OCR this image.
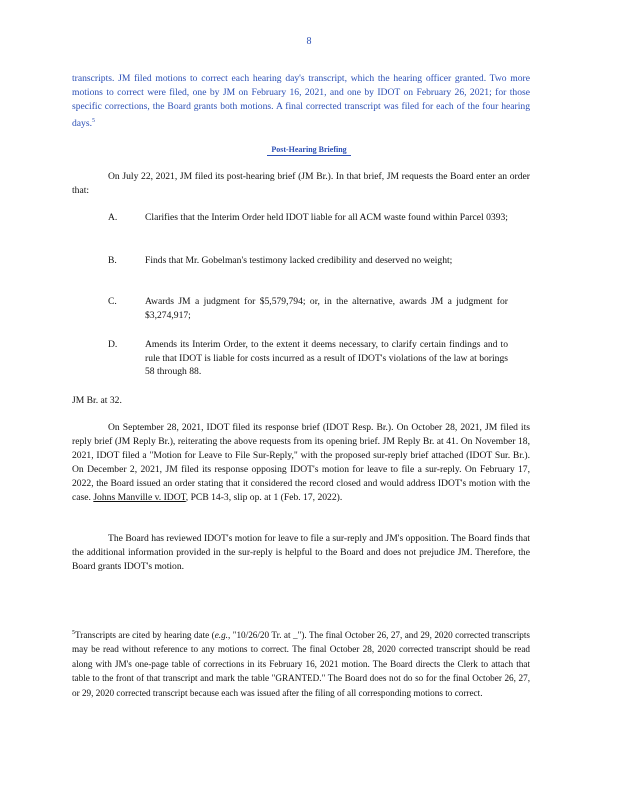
8

transcripts. JM filed motions to correct each hearing day's transcript, which the hearing officer granted. Two more motions to correct were filed, one by JM on February 16, 2021, and one by IDOT on February 26, 2021; for those specific corrections, the Board grants both motions. A final corrected transcript was filed for each of the four hearing days.$^5$

Post-Hearing Briefing

On July 22, 2021, JM filed its post-hearing brief (JM Br.). In that brief, JM requests the Board enter an order that:

A.	Clarifies that the Interim Order held IDOT liable for all ACM waste found within Parcel 0393;
B.	Finds that Mr. Gobelman's testimony lacked credibility and deserved no weight;
C.	Awards JM a judgment for $5,579,794; or, in the alternative, awards JM a judgment for $3,274,917;
D.	Amends its Interim Order, to the extent it deems necessary, to clarify certain findings and to rule that IDOT is liable for costs incurred as a result of IDOT's violations of the law at borings 58 through 88.

JM Br. at 32.

On September 28, 2021, IDOT filed its response brief (IDOT Resp. Br.). On October 28, 2021, JM filed its reply brief (JM Reply Br.), reiterating the above requests from its opening brief. JM Reply Br. at 41. On November 18, 2021, IDOT filed a "Motion for Leave to File Sur-Reply," with the proposed sur-reply brief attached (IDOT Sur. Br.). On December 2, 2021, JM filed its response opposing IDOT's motion for leave to file a sur-reply. On February 17, 2022, the Board issued an order stating that it considered the record closed and would address IDOT's motion with the case. Johns Manville v. IDOT, PCB 14-3, slip op. at 1 (Feb. 17, 2022).

The Board has reviewed IDOT's motion for leave to file a sur-reply and JM's opposition. The Board finds that the additional information provided in the sur-reply is helpful to the Board and does not prejudice JM. Therefore, the Board grants IDOT's motion.

$^5$Transcripts are cited by hearing date (e.g., "10/26/20 Tr. at _"). The final October 26, 27, and 29, 2020 corrected transcripts may be read without reference to any motions to correct. The final October 28, 2020 corrected transcript should be read along with JM's one-page table of corrections in its February 16, 2021 motion. The Board directs the Clerk to attach that table to the front of that transcript and mark the table "GRANTED." The Board does not do so for the final October 26, 27, or 29, 2020 corrected transcript because each was issued after the filing of all corresponding motions to correct.
